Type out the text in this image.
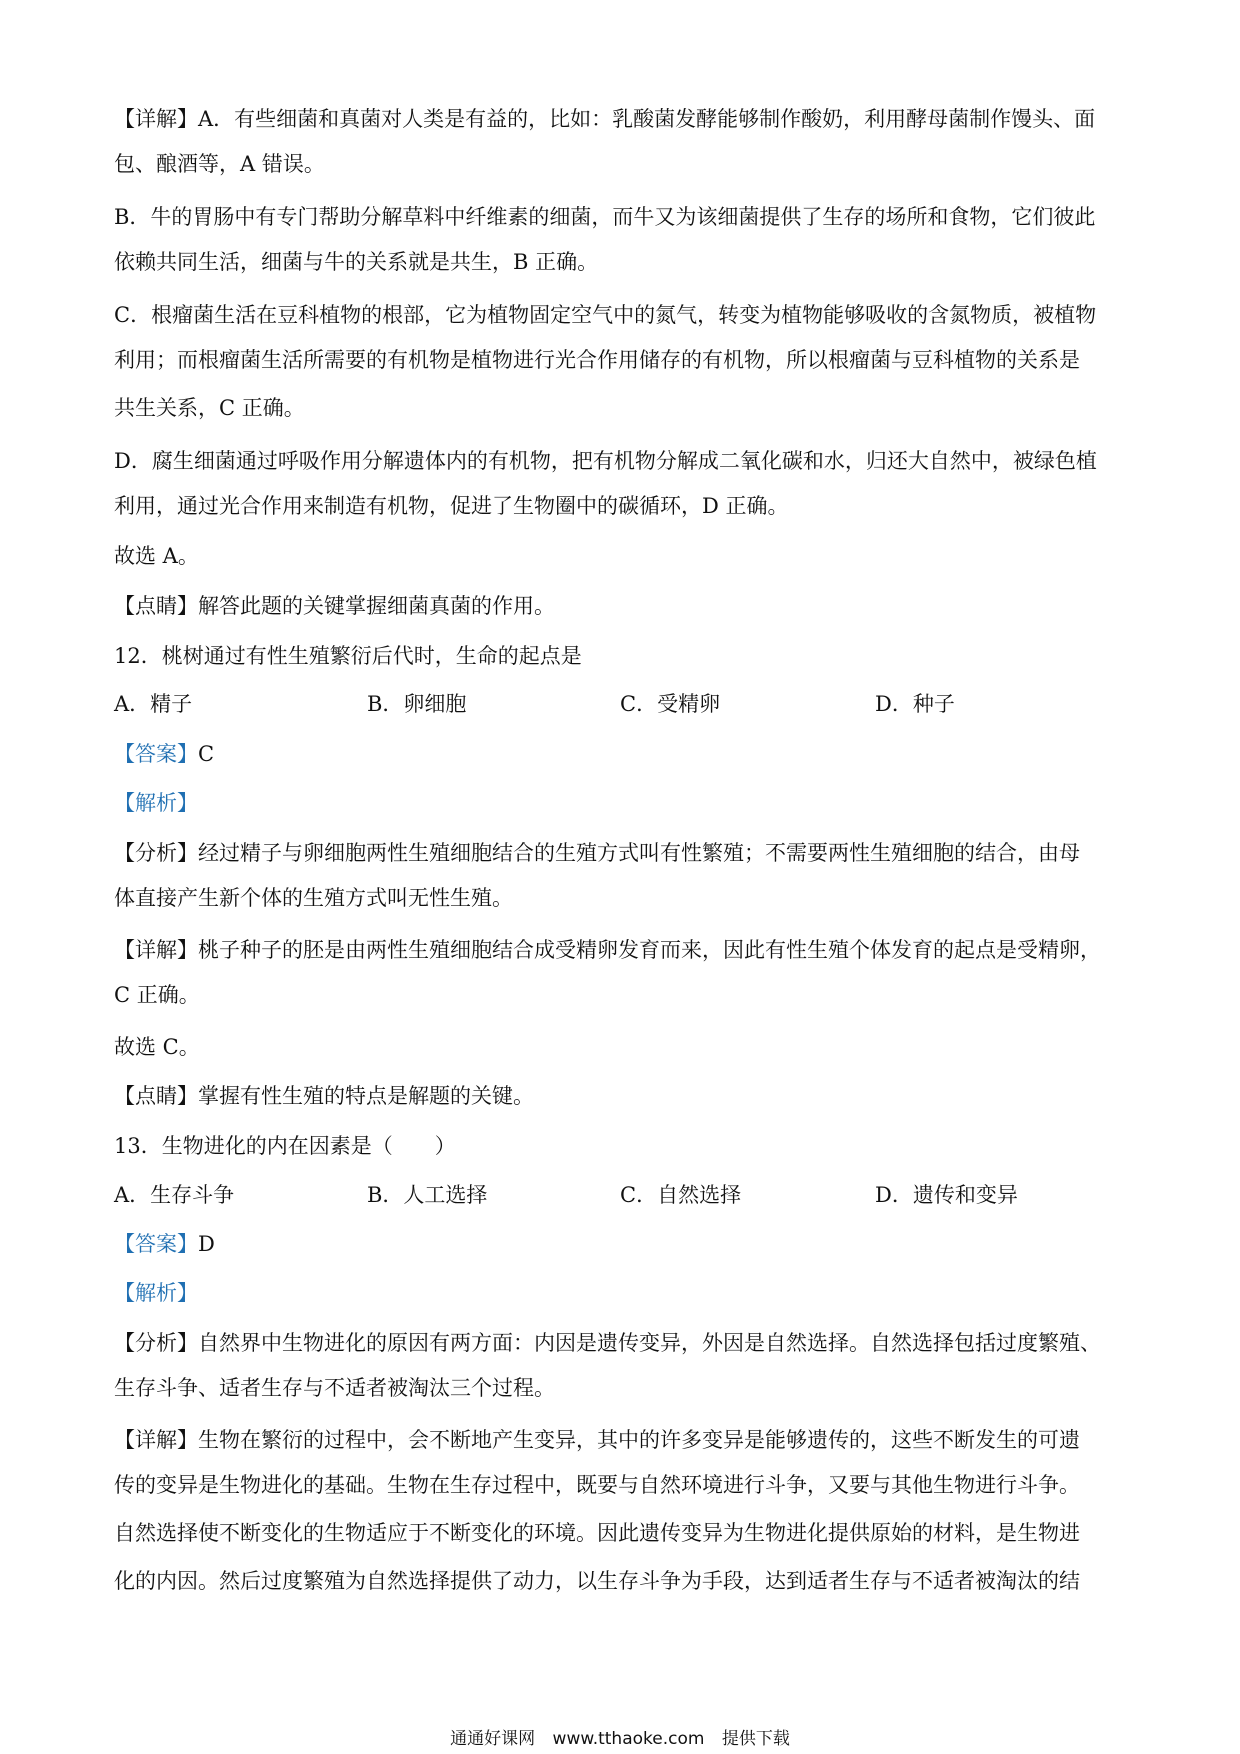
【详解】A．有些细菌和真菌对人类是有益的，比如：乳酸菌发酵能够制作酸奶，利用酵母菌制作馒头、面
包、酿酒等，A 错误。
B．牛的胃肠中有专门帮助分解草料中纤维素的细菌，而牛又为该细菌提供了生存的场所和食物，它们彼此
依赖共同生活，细菌与牛的关系就是共生，B 正确。
C．根瘤菌生活在豆科植物的根部，它为植物固定空气中的氮气，转变为植物能够吸收的含氮物质，被植物
利用；而根瘤菌生活所需要的有机物是植物进行光合作用储存的有机物，所以根瘤菌与豆科植物的关系是
共生关系，C 正确。
D．腐生细菌通过呼吸作用分解遗体内的有机物，把有机物分解成二氧化碳和水，归还大自然中，被绿色植
利用，通过光合作用来制造有机物，促进了生物圈中的碳循环，D 正确。
故选 A。
【点睛】解答此题的关键掌握细菌真菌的作用。
12．桃树通过有性生殖繁衍后代时，生命的起点是
A．精子	B．卵细胞	C．受精卵	D．种子
【答案】C
【解析】
【分析】经过精子与卵细胞两性生殖细胞结合的生殖方式叫有性繁殖；不需要两性生殖细胞的结合，由母
体直接产生新个体的生殖方式叫无性生殖。
【详解】桃子种子的胚是由两性生殖细胞结合成受精卵发育而来，因此有性生殖个体发育的起点是受精卵，
C 正确。
故选 C。
【点睛】掌握有性生殖的特点是解题的关键。
13．生物进化的内在因素是（　　）
A．生存斗争	B．人工选择	C．自然选择	D．遗传和变异
【答案】D
【解析】
【分析】自然界中生物进化的原因有两方面：内因是遗传变异，外因是自然选择。自然选择包括过度繁殖、
生存斗争、适者生存与不适者被淘汰三个过程。
【详解】生物在繁衍的过程中，会不断地产生变异，其中的许多变异是能够遗传的，这些不断发生的可遗
传的变异是生物进化的基础。生物在生存过程中，既要与自然环境进行斗争，又要与其他生物进行斗争。
自然选择使不断变化的生物适应于不断变化的环境。因此遗传变异为生物进化提供原始的材料，是生物进
化的内因。然后过度繁殖为自然选择提供了动力，以生存斗争为手段，达到适者生存与不适者被淘汰的结
通通好课网 www.tthaoke.com 提供下载
